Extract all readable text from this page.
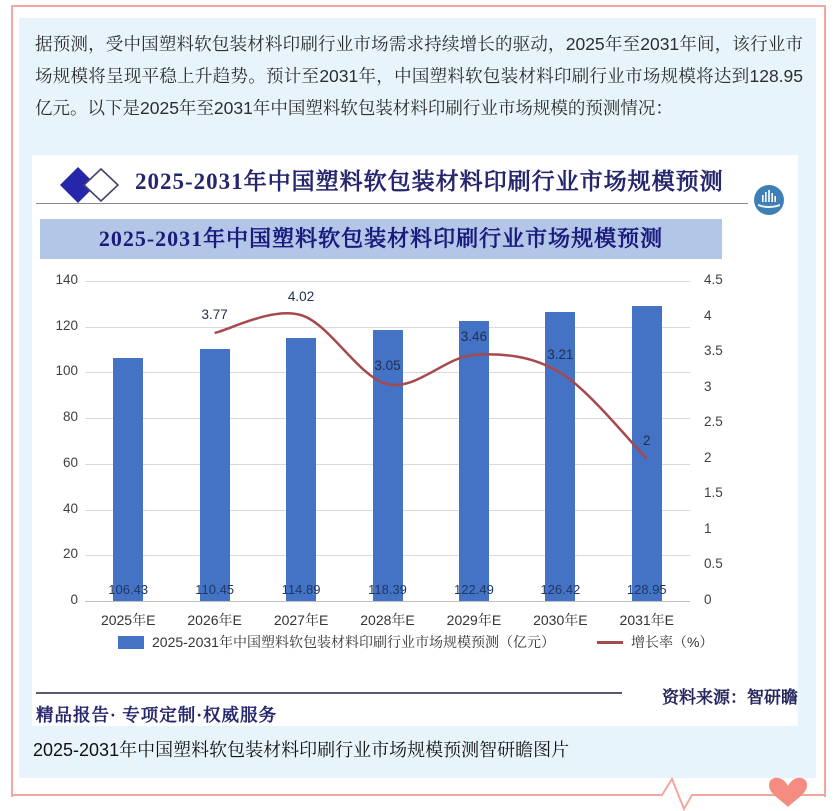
据预测，受中国塑料软包装材料印刷行业市场需求持续增长的驱动，2025年至2031年间，该行业市场规模将呈现平稳上升趋势。预计至2031年，中国塑料软包装材料印刷行业市场规模将达到128.95亿元。以下是2025年至2031年中国塑料软包装材料印刷行业市场规模的预测情况：

2025-2031年中国塑料软包装材料印刷行业市场规模预测
2025-2031年中国塑料软包装材料印刷行业市场规模预测
2025-2031年中国塑料软包装材料印刷行业市场规模预测（亿元）	增长率（%）
资料来源：智研瞻
精品报告· 专项定制·权威服务
0
20
40
60
80
100
120
140
0
0.5
1
1.5
2
2.5
3
3.5
4
4.5
106.43
2025年E
110.45
2026年E
114.89
2027年E
118.39
2028年E
122.49
2029年E
126.42
2030年E
128.95
2031年E
3.77
4.02
3.05
3.46
3.21
2

2025-2031年中国塑料软包装材料印刷行业市场规模预测智研瞻图片
